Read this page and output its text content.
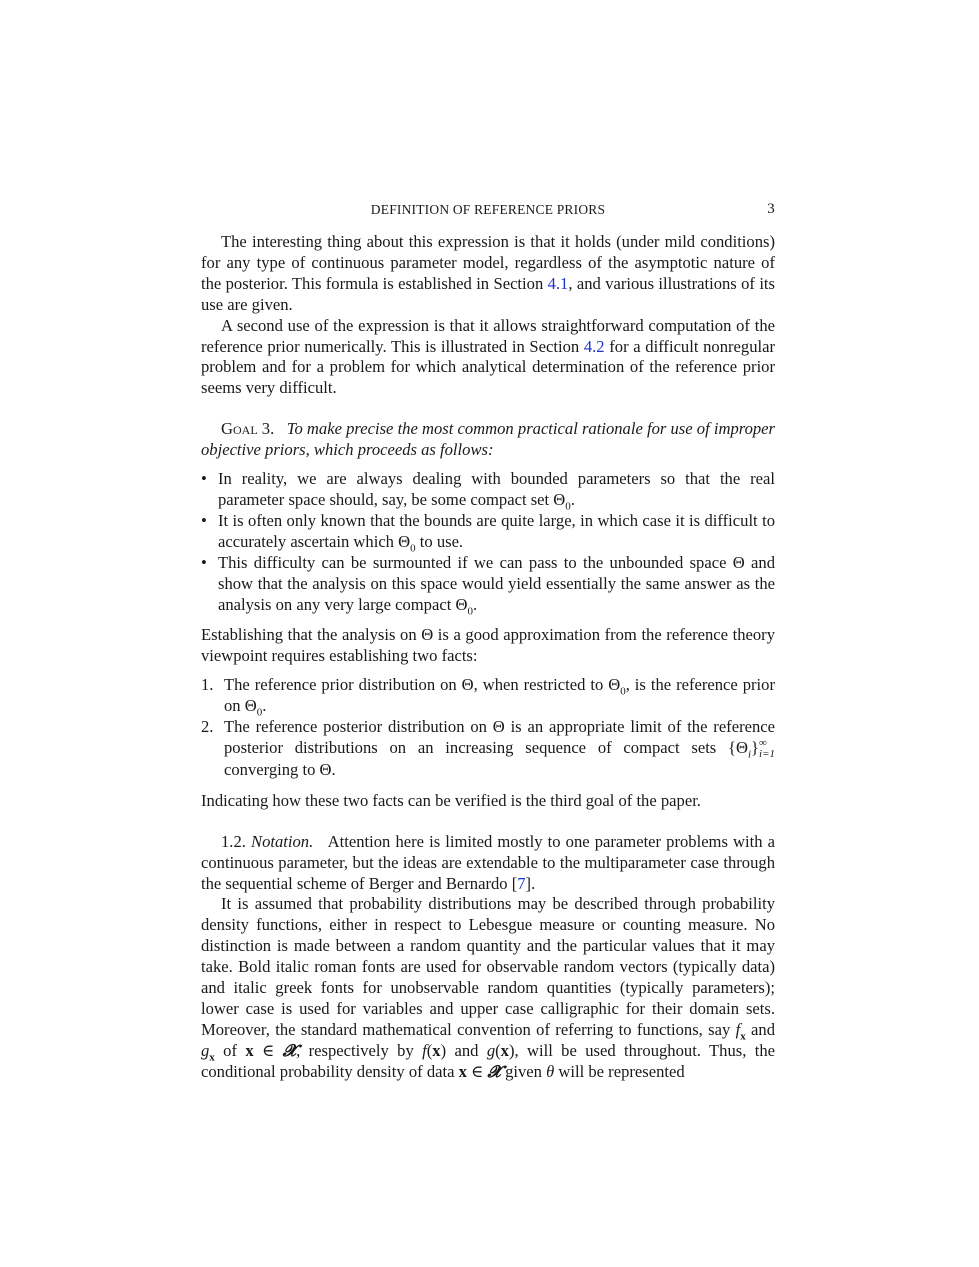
DEFINITION OF REFERENCE PRIORS	3

The interesting thing about this expression is that it holds (under mild conditions) for any type of continuous parameter model, regardless of the asymptotic nature of the posterior. This formula is established in Section 4.1, and various illustrations of its use are given.

A second use of the expression is that it allows straightforward computation of the reference prior numerically. This is illustrated in Section 4.2 for a difficult nonregular problem and for a problem for which analytical determination of the reference prior seems very difficult.

Goal 3. To make precise the most common practical rationale for use of improper objective priors, which proceeds as follows:

• In reality, we are always dealing with bounded parameters so that the real parameter space should, say, be some compact set $\Theta_0$.
• It is often only known that the bounds are quite large, in which case it is difficult to accurately ascertain which $\Theta_0$ to use.
• This difficulty can be surmounted if we can pass to the unbounded space Θ and show that the analysis on this space would yield essentially the same answer as the analysis on any very large compact $\Theta_0$.

Establishing that the analysis on Θ is a good approximation from the reference theory viewpoint requires establishing two facts:

1. The reference prior distribution on Θ, when restricted to $\Theta_0$, is the reference prior on $\Theta_0$.
2. The reference posterior distribution on Θ is an appropriate limit of the reference posterior distributions on an increasing sequence of compact sets $\{\Theta_i\}$ ∞
i=1
converging to Θ.

Indicating how these two facts can be verified is the third goal of the paper.

1.2. Notation. Attention here is limited mostly to one parameter problems with a continuous parameter, but the ideas are extendable to the multiparameter case through the sequential scheme of Berger and Bernardo [7].

It is assumed that probability distributions may be described through probability density functions, either in respect to Lebesgue measure or counting measure. No distinction is made between a random quantity and the particular values that it may take. Bold italic roman fonts are used for observable random vectors (typically data) and italic greek fonts for unobservable random quantities (typically parameters); lower case is used for variables and upper case calligraphic for their domain sets. Moreover, the standard mathematical convention of referring to functions, say $f_x$ and $g_x$ of x ∈ 𝓧, respectively by f(x) and g(x), will be used throughout. Thus, the conditional probability density of data x ∈ 𝓧 given θ will be represented
